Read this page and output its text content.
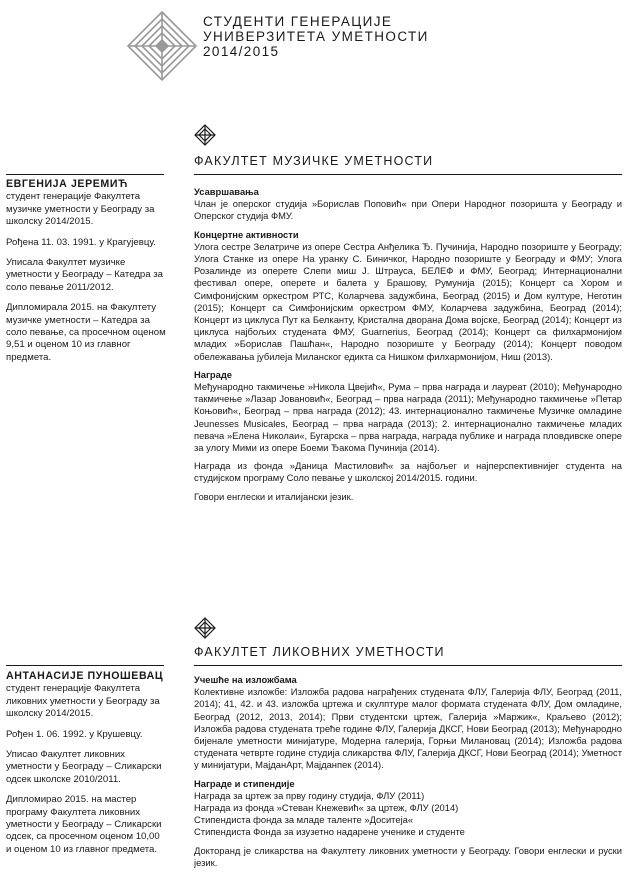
СТУДЕНТИ ГЕНЕРАЦИЈЕ
УНИВЕРЗИТЕТА УМЕТНОСТИ
2014/2015
ФАКУЛТЕТ МУЗИЧКЕ УМЕТНОСТИ
ЕВГЕНИЈА ЈЕРЕМИЋ

студент генерације Факултета музичке уметности у Београду за школску 2014/2015.

Рођена 11. 03. 1991. у Крагујевцу.

Уписала Факултет музичке уметности у Београду – Катедра за соло певање 2011/2012.

Дипломирала 2015. на Факултету музичке уметности – Катедра за соло певање, са просечном оценом 9,51 и оценом 10 из главног предмета.

Усавршавања

Члан је оперског студија »Борислав Поповић« при Опери Народног позоришта у Београду и Оперског студија ФМУ.

Концертне активности

Улога сестре Зелатриче из опере Сестра Анђелика Ђ. Пучинија, Народно позориште у Београду; Улога Станке из опере На уранку С. Биничког, Народно позориште у Београду и ФМУ; Улога Розалинде из оперете Слепи миш Ј. Штрауса, БЕЛЕФ и ФМУ, Београд; Интернационални фестивал опере, оперете и балета у Брашову, Румунија (2015); Концерт са Хором и Симфонијским оркестром РТС, Коларчева задужбина, Београд (2015) и Дом културе, Неготин (2015); Концерт са Симфонијским оркестром ФМУ, Коларчева задужбина, Београд (2014); Концерт из циклуса Пут ка Белканту, Кристална дворана Дома војске, Београд (2014); Концерт из циклуса најбољих студената ФМУ, Guarnerius, Београд (2014); Концерт са филхармонијом младих »Борислав Пашћан«, Народно позориште у Београду (2014); Концерт поводом обележавања јубилеја Миланског едикта са Нишком филхармонијом, Ниш (2013).

Награде

Међународно такмичење »Никола Цвејић«, Рума – прва награда и лауреат (2010); Међународно такмичење »Лазар Јовановић«, Београд – прва награда (2011); Међународно такмичење »Петар Коњовић«, Београд – прва награда (2012); 43. интернационално такмичење Музичке омладине Jeunesses Musicales, Београд – прва награда (2013); 2. интернационално такмичење младих певача »Елена Николаи«, Бугарска – прва награда, награда публике и награда пловдивске опере за улогу Мими из опере Боеми Ђакома Пучинија (2014).

Награда из фонда »Даница Мастиловић« за најбољег и најперспективнијег студента на студијском програму Соло певање у школској 2014/2015. години.

Говори енглески и италијански језик.

ФАКУЛТЕТ ЛИКОВНИХ УМЕТНОСТИ
АНТАНАСИЈЕ ПУНОШЕВАЦ

студент генерације Факултета ликовних уметности у Београду за школску 2014/2015.

Рођен 1. 06. 1992. у Крушевцу.

Уписао Факултет ликовних уметности у Београду – Сликарски одсек школске 2010/2011.

Дипломирао 2015. на мастер програму Факултета ликовних уметности у Београду – Сликарски одсек, са просечном оценом 10,00 и оценом 10 из главног предмета.

Учешће на изложбама

Колективне изложбе: Изложба радова награђених студената ФЛУ, Галерија ФЛУ, Београд (2011, 2014); 41, 42. и 43. изложба цртежа и скулптуре малог формата студената ФЛУ, Дом омладине, Београд (2012, 2013, 2014); Први студентски цртеж, Галерија »Маржик«, Краљево (2012); Изложба радова студената треће године ФЛУ, Галерија ДКСГ, Нови Београд (2013); Међународно бијенале уметности минијатуре, Модерна галерија, Горњи Милановац (2014); Изложба радова студената четврте године студија сликарства ФЛУ, Галерија ДКСГ, Нови Београд (2014); Уметност у минијатури, МајданАрт, Мајданпек (2014).

Награде и стипендије

Награда за цртеж за прву годину студија, ФЛУ (2011)
Награда из фонда »Стеван Кнежевић« за цртеж, ФЛУ (2014)
Стипендиста фонда за младе таленте »Доситеја«
Стипендиста Фонда за изузетно надарене ученике и студенте

Докторанд је сликарства на Факултету ликовних уметности у Београду. Говори енглески и руски језик.
